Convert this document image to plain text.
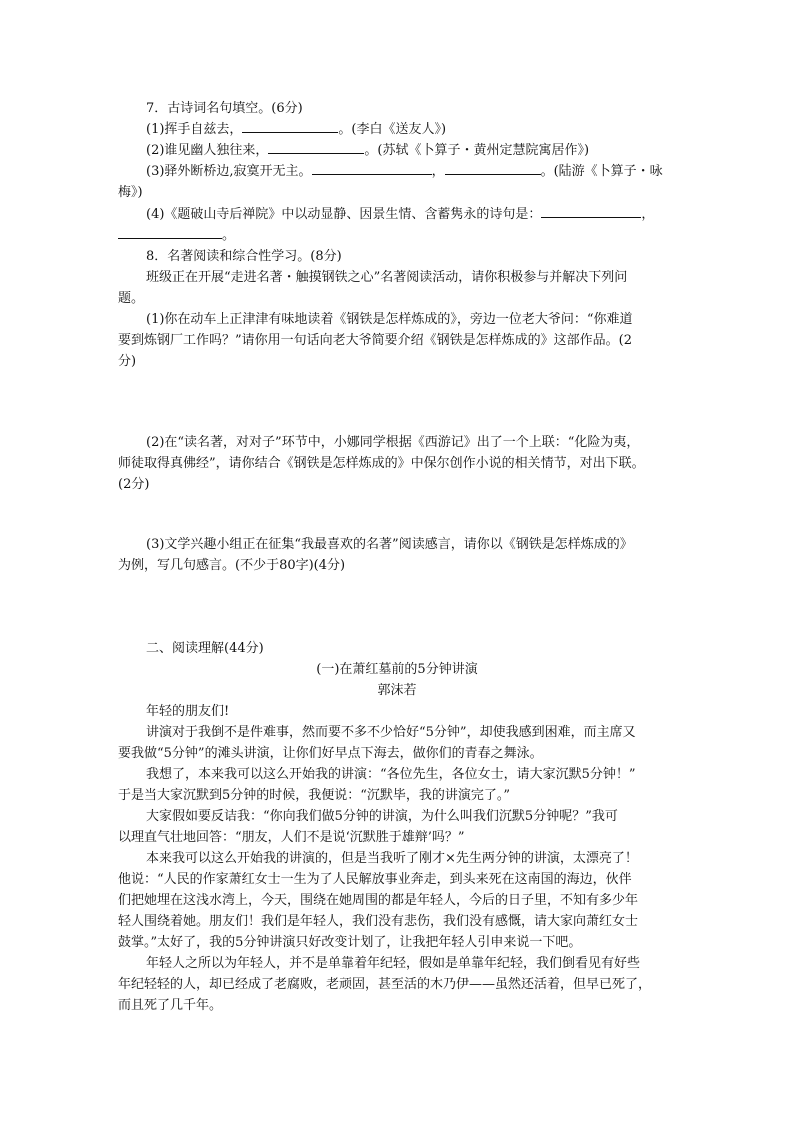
7．古诗词名句填空。(6分)
(1)挥手自兹去，	。(李白《送友人》)
(2)谁见幽人独往来，	。(苏轼《卜算子・黄州定慧院寓居作》)
(3)驿外断桥边,寂寞开无主。	，	。(陆游《卜算子・咏
梅》)
(4)《题破山寺后禅院》中以动显静、因景生情、含蓄隽永的诗句是：	，
。
8．名著阅读和综合性学习。(8分)
班级正在开展“走进名著・触摸钢铁之心”名著阅读活动，请你积极参与并解决下列问
题。
(1)你在动车上正津津有味地读着《钢铁是怎样炼成的》，旁边一位老大爷问：“你难道
要到炼钢厂工作吗？”请你用一句话向老大爷简要介绍《钢铁是怎样炼成的》这部作品。(2
分)
(2)在“读名著，对对子”环节中，小娜同学根据《西游记》出了一个上联：“化险为夷，
师徒取得真佛经”，请你结合《钢铁是怎样炼成的》中保尔创作小说的相关情节，对出下联。
(2分)
(3)文学兴趣小组正在征集“我最喜欢的名著”阅读感言，请你以《钢铁是怎样炼成的》
为例，写几句感言。(不少于80字)(4分)
二、阅读理解(44分)
(一)在萧红墓前的5分钟讲演
郭沫若
年轻的朋友们!
讲演对于我倒不是件难事，然而要不多不少恰好“5分钟”，却使我感到困难，而主席又
要我做“5分钟”的滩头讲演，让你们好早点下海去，做你们的青春之舞泳。
我想了，本来我可以这么开始我的讲演：“各位先生，各位女士，请大家沉默5分钟！”
于是当大家沉默到5分钟的时候，我便说：“沉默毕，我的讲演完了。”
大家假如要反诘我：“你向我们做5分钟的讲演，为什么叫我们沉默5分钟呢？”我可
以理直气壮地回答：“朋友，人们不是说‘沉默胜于雄辩’吗？”
本来我可以这么开始我的讲演的，但是当我听了刚才×先生两分钟的讲演，太漂亮了！
他说：“人民的作家萧红女士一生为了人民解放事业奔走，到头来死在这南国的海边，伙伴
们把她埋在这浅水湾上，今天，围绕在她周围的都是年轻人，今后的日子里，不知有多少年
轻人围绕着她。朋友们！我们是年轻人，我们没有悲伤，我们没有感慨，请大家向萧红女士
鼓掌。”太好了，我的5分钟讲演只好改变计划了，让我把年轻人引申来说一下吧。
年轻人之所以为年轻人，并不是单靠着年纪轻，假如是单靠年纪轻，我们倒看见有好些
年纪轻轻的人，却已经成了老腐败，老顽固，甚至活的木乃伊——虽然还活着，但早已死了，
而且死了几千年。
